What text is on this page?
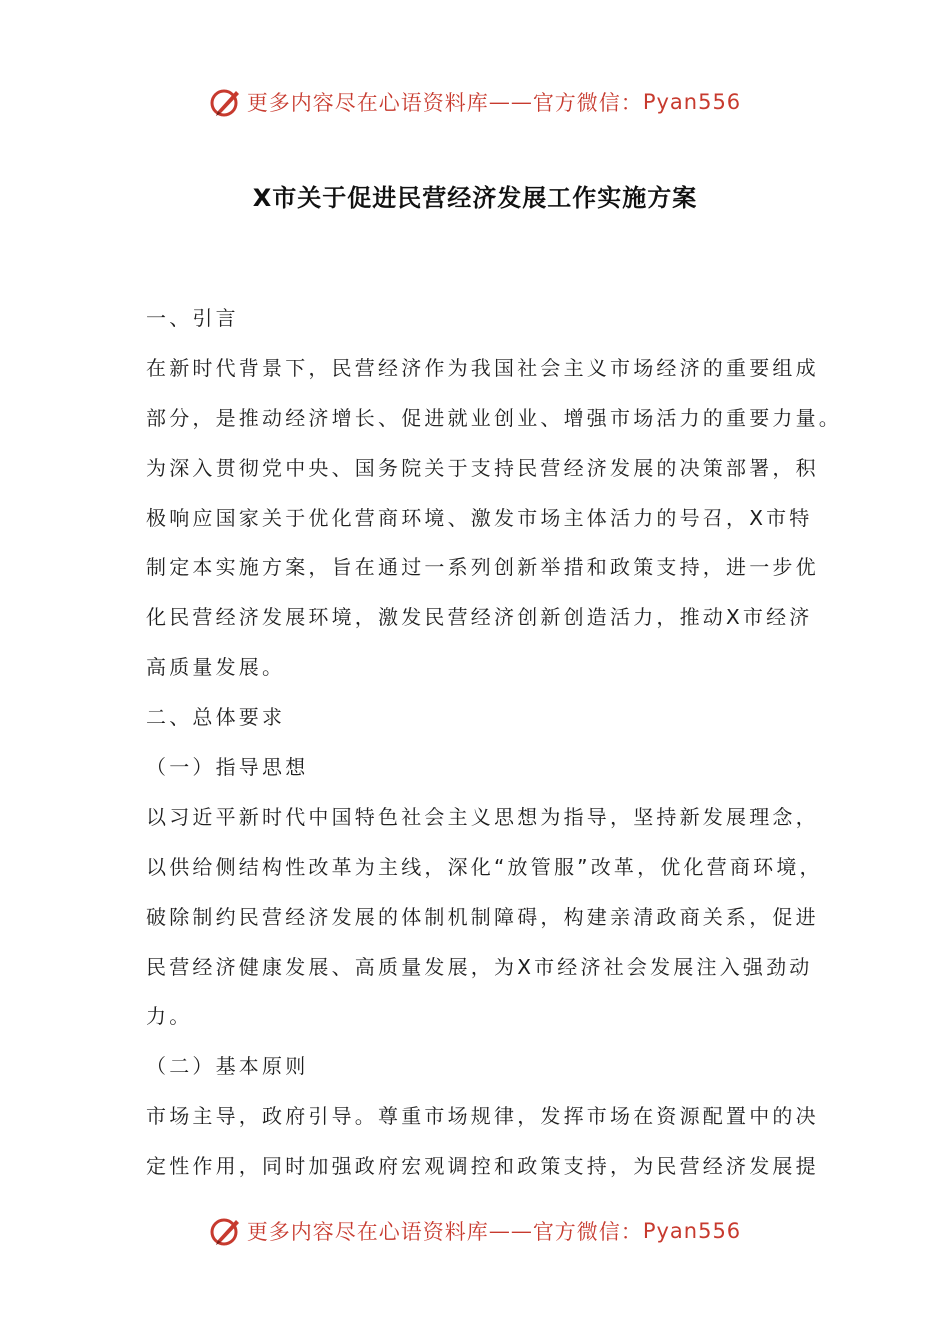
更多内容尽在心语资料库 —— 官方微信： Pyan556
X市关于促进民营经济发展工作实施方案
一、引言
在新时代背景下，民营经济作为我国社会主义市场经济的重要组成
部分，是推动经济增长、促进就业创业、增强市场活力的重要力量。
为深入贯彻党中央、国务院关于支持民营经济发展的决策部署，积
极响应国家关于优化营商环境、激发市场主体活力的号召，X市特
制定本实施方案，旨在通过一系列创新举措和政策支持，进一步优
化民营经济发展环境，激发民营经济创新创造活力，推动X市经济
高质量发展。
二、总体要求
（一）指导思想
以习近平新时代中国特色社会主义思想为指导，坚持新发展理念，
以供给侧结构性改革为主线，深化“放管服”改革，优化营商环境，
破除制约民营经济发展的体制机制障碍，构建亲清政商关系，促进
民营经济健康发展、高质量发展，为X市经济社会发展注入强劲动
力。
（二）基本原则
市场主导，政府引导。尊重市场规律，发挥市场在资源配置中的决
定性作用，同时加强政府宏观调控和政策支持，为民营经济发展提
更多内容尽在心语资料库 —— 官方微信： Pyan556
